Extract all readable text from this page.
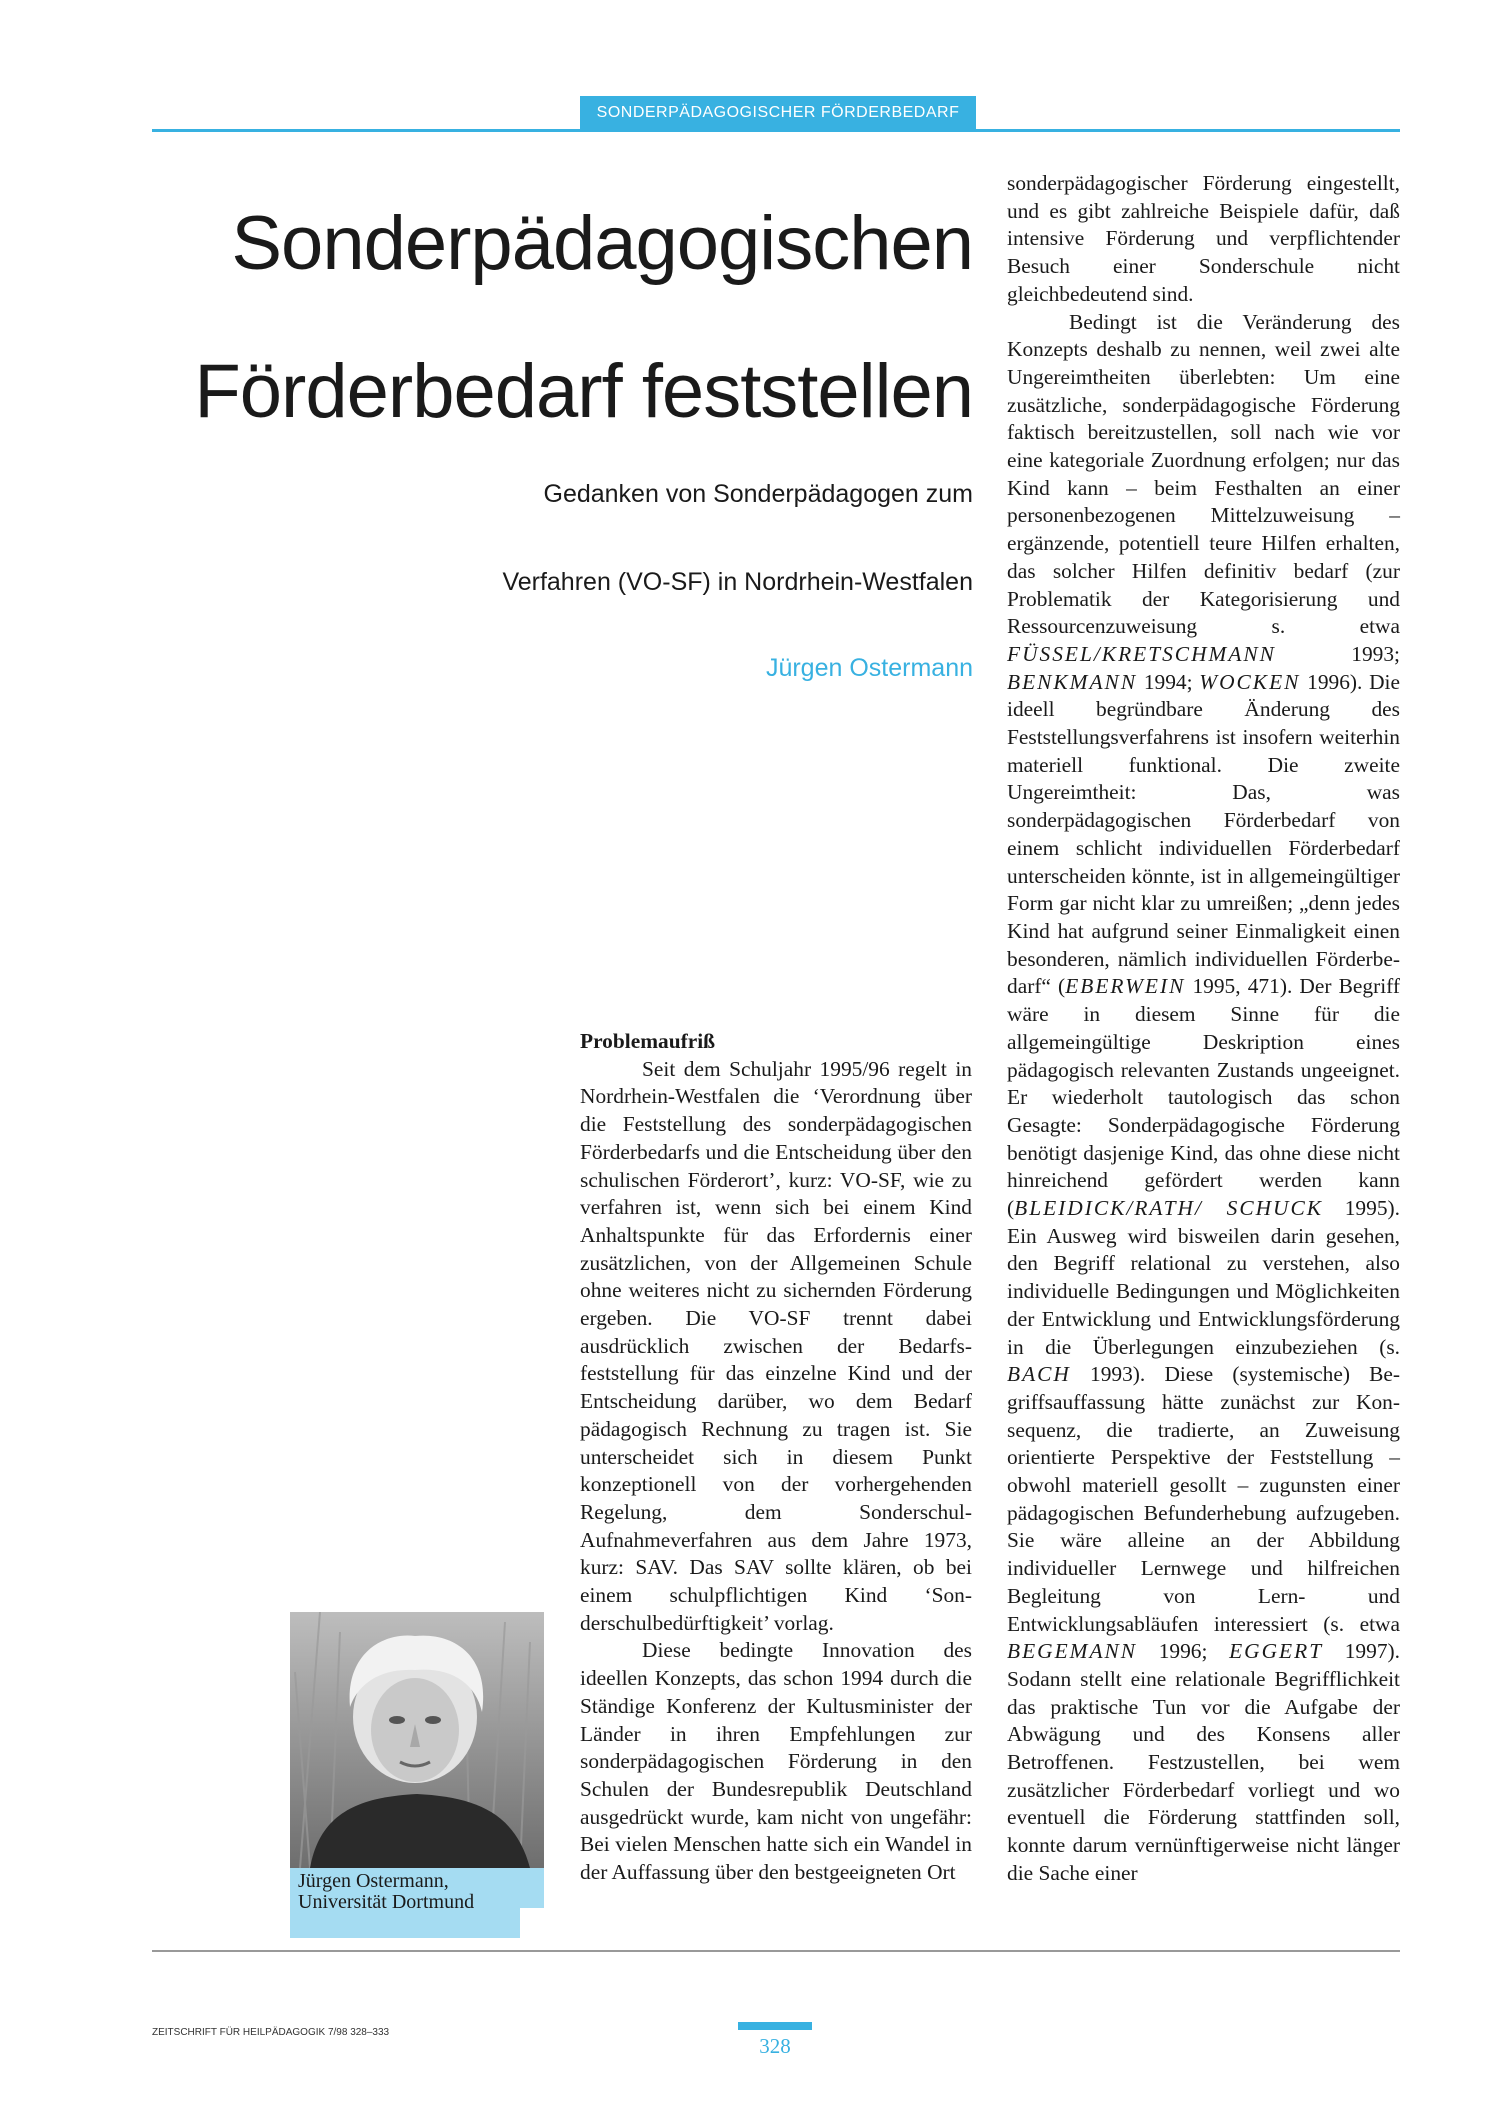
SONDERPÄDAGOGISCHER FÖRDERBEDARF
Sonderpädagogischen
Förderbedarf feststellen
Gedanken von Sonderpädagogen zum
Verfahren (VO-SF) in Nordrhein-Westfalen
Jürgen Ostermann

Problemaufriß

Seit dem Schuljahr 1995/96 regelt in Nordrhein-Westfalen die ‘Verordnung über die Feststellung des sonderpädagogischen Förderbedarfs und die Entscheidung über den schulischen Förderort’, kurz: VO-SF, wie zu verfahren ist, wenn sich bei einem Kind Anhaltspunkte für das Erfordernis einer zusätzlichen, von der Allgemeinen Schule ohne weiteres nicht zu sichernden Förderung ergeben. Die VO-SF trennt dabei ausdrücklich zwischen der Bedarfsfeststellung für das einzelne Kind und der Entscheidung darüber, wo dem Bedarf pädagogisch Rechnung zu tragen ist. Sie unterscheidet sich in diesem Punkt konzeptionell von der vorhergehenden Regelung, dem Sonderschul-Aufnahmeverfahren aus dem Jahre 1973, kurz: SAV. Das SAV sollte klären, ob bei einem schulpflichtigen Kind ‘Sonderschulbedürftigkeit’ vorlag.

Diese bedingte Innovation des ideellen Konzepts, das schon 1994 durch die Ständige Konferenz der Kultusminister der Länder in ihren Empfehlungen zur sonderpädagogischen Förderung in den Schulen der Bundesrepublik Deutschland ausgedrückt wurde, kam nicht von ungefähr: Bei vielen Menschen hatte sich ein Wandel in der Auffassung über den bestgeeigneten Ort

sonderpädagogischer Förderung eingestellt, und es gibt zahlreiche Beispiele dafür, daß intensive Förderung und verpflichtender Besuch einer Sonderschule nicht gleichbedeutend sind.

Bedingt ist die Veränderung des Konzepts deshalb zu nennen, weil zwei alte Ungereimtheiten überlebten: Um eine zusätzliche, sonderpädagogische Förderung faktisch bereitzustellen, soll nach wie vor eine kategoriale Zuordnung erfolgen; nur das Kind kann – beim Festhalten an einer personenbezogenen Mittelzuweisung – ergänzende, potentiell teure Hilfen erhalten, das solcher Hilfen definitiv bedarf (zur Problematik der Kategorisierung und Ressourcenzuweisung s. etwa FÜSSEL/KRETSCHMANN 1993; BENKMANN 1994; WOCKEN 1996). Die ideell begründbare Änderung des Feststellungsverfahrens ist insofern weiterhin materiell funktional. Die zweite Ungereimtheit: Das, was sonderpädagogischen Förderbedarf von einem schlicht individuellen Förderbedarf unterscheiden könnte, ist in allgemeingültiger Form gar nicht klar zu umreißen; „denn jedes Kind hat aufgrund seiner Einmaligkeit einen besonderen, nämlich individuellen Förderbedarf“ (EBERWEIN 1995, 471). Der Begriff wäre in diesem Sinne für die allgemeingültige Deskription eines pädagogisch relevanten Zustands ungeeignet. Er wiederholt tautologisch das schon Gesagte: Sonderpädagogische Förderung benötigt dasjenige Kind, das ohne diese nicht hinreichend gefördert werden kann (BLEIDICK/RATH/ SCHUCK 1995). Ein Ausweg wird bisweilen darin gesehen, den Begriff relational zu verstehen, also individuelle Bedingungen und Möglichkeiten der Entwicklung und Entwicklungsförderung in die Überlegungen einzubeziehen (s. BACH 1993). Diese (systemische) Begriffsauffassung hätte zunächst zur Konsequenz, die tradierte, an Zuweisung orientierte Perspektive der Feststellung – obwohl materiell gesollt – zugunsten einer pädagogischen Befunderhebung aufzugeben. Sie wäre alleine an der Abbildung individueller Lernwege und hilfreichen Begleitung von Lern- und Entwicklungsabläufen interessiert (s. etwa BEGEMANN 1996; EGGERT 1997). Sodann stellt eine relationale Begrifflichkeit das praktische Tun vor die Aufgabe der Abwägung und des Konsens aller Betroffenen. Festzustellen, bei wem zusätzlicher Förderbedarf vorliegt und wo eventuell die Förderung stattfinden soll, konnte darum vernünftigerweise nicht länger die Sache einer

Jürgen Ostermann,
Universität Dortmund
ZEITSCHRIFT FÜR HEILPÄDAGOGIK 7/98 328–333
328
